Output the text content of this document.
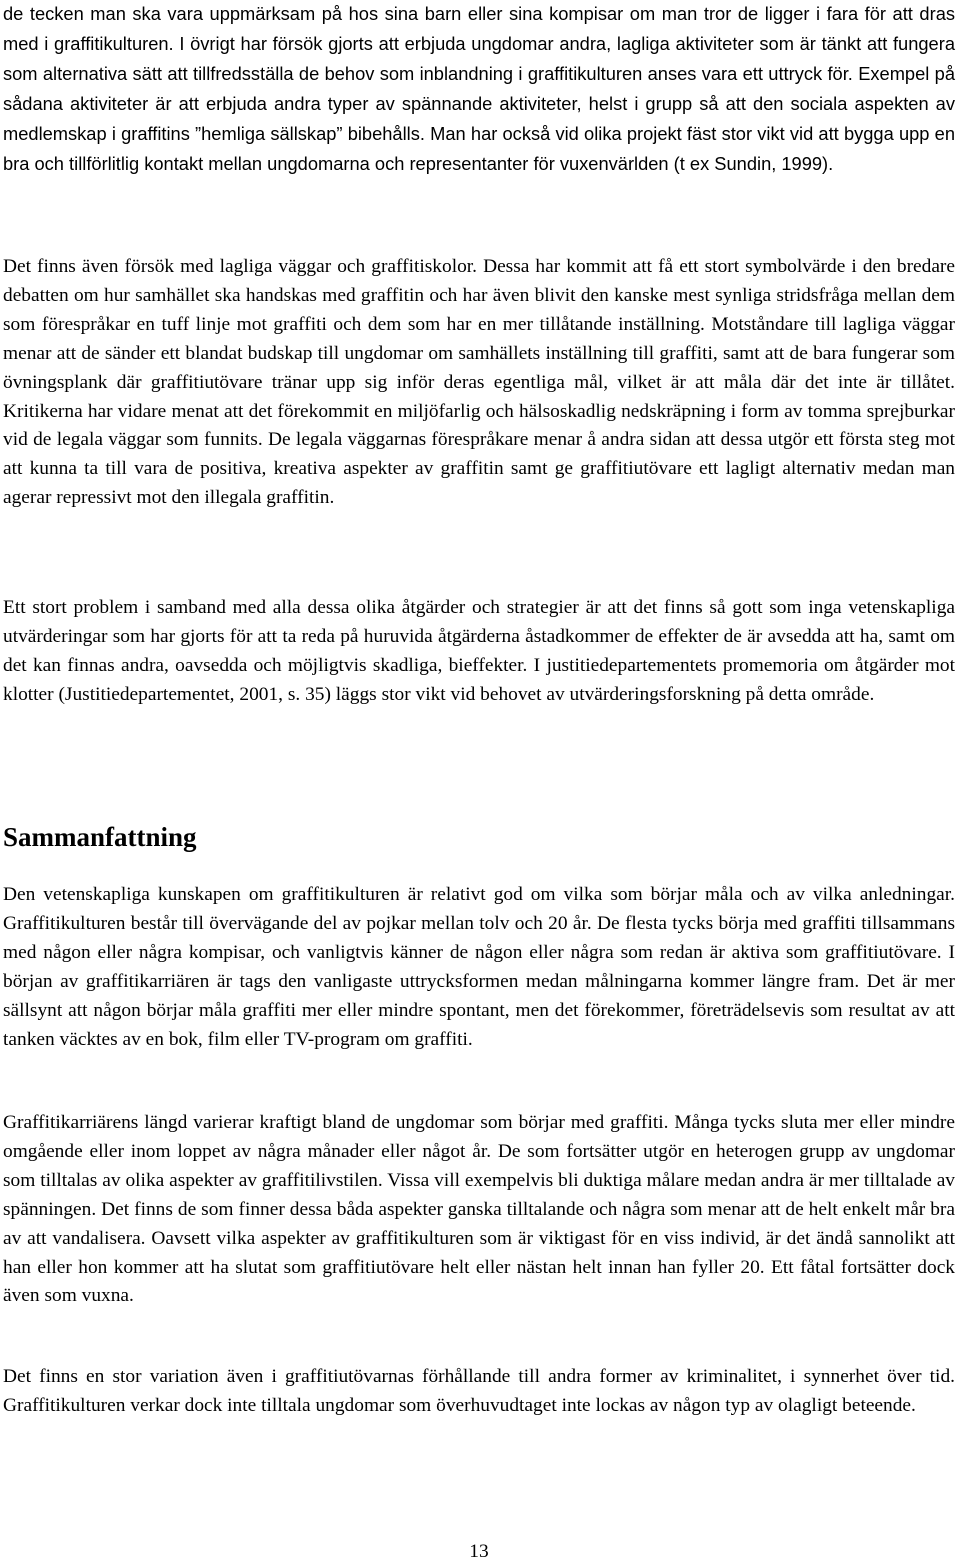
de tecken man ska vara uppmärksam på hos sina barn eller sina kompisar om man tror de ligger i fara för att dras med i graffitikulturen. I övrigt har försök gjorts att erbjuda ungdomar andra, lagliga aktiviteter som är tänkt att fungera som alternativa sätt att tillfredsställa de behov som inblandning i graffitikulturen anses vara ett uttryck för. Exempel på sådana aktiviteter är att erbjuda andra typer av spännande aktiviteter, helst i grupp så att den sociala aspekten av medlemskap i graffitins ”hemliga sällskap” bibehålls. Man har också vid olika projekt fäst stor vikt vid att bygga upp en bra och tillförlitlig kontakt mellan ungdomarna och representanter för vuxenvärlden (t ex Sundin, 1999).

Det finns även försök med lagliga väggar och graffitiskolor. Dessa har kommit att få ett stort symbolvärde i den bredare debatten om hur samhället ska handskas med graffitin och har även blivit den kanske mest synliga stridsfråga mellan dem som förespråkar en tuff linje mot graffiti och dem som har en mer tillåtande inställning. Motståndare till lagliga väggar menar att de sänder ett blandat budskap till ungdomar om samhällets inställning till graffiti, samt att de bara fungerar som övningsplank där graffitiutövare tränar upp sig inför deras egentliga mål, vilket är att måla där det inte är tillåtet. Kritikerna har vidare menat att det förekommit en miljöfarlig och hälsoskadlig nedskräpning i form av tomma sprejburkar vid de legala väggar som funnits. De legala väggarnas förespråkare menar å andra sidan att dessa utgör ett första steg mot att kunna ta till vara de positiva, kreativa aspekter av graffitin samt ge graffitiutövare ett lagligt alternativ medan man agerar repressivt mot den illegala graffitin.

Ett stort problem i samband med alla dessa olika åtgärder och strategier är att det finns så gott som inga vetenskapliga utvärderingar som har gjorts för att ta reda på huruvida åtgärderna åstadkommer de effekter de är avsedda att ha, samt om det kan finnas andra, oavsedda och möjligtvis skadliga, bieffekter. I justitiedepartementets promemoria om åtgärder mot klotter (Justitiedepartementet, 2001, s. 35) läggs stor vikt vid behovet av utvärderingsforskning på detta område.

Sammanfattning

Den vetenskapliga kunskapen om graffitikulturen är relativt god om vilka som börjar måla och av vilka anledningar. Graffitikulturen består till övervägande del av pojkar mellan tolv och 20 år. De flesta tycks börja med graffiti tillsammans med någon eller några kompisar, och vanligtvis känner de någon eller några som redan är aktiva som graffitiutövare. I början av graffitikarriären är tags den vanligaste uttrycksformen medan målningarna kommer längre fram. Det är mer sällsynt att någon börjar måla graffiti mer eller mindre spontant, men det förekommer, företrädelsevis som resultat av att tanken väcktes av en bok, film eller TV-program om graffiti.

Graffitikarriärens längd varierar kraftigt bland de ungdomar som börjar med graffiti. Många tycks sluta mer eller mindre omgående eller inom loppet av några månader eller något år. De som fortsätter utgör en heterogen grupp av ungdomar som tilltalas av olika aspekter av graffitilivstilen. Vissa vill exempelvis bli duktiga målare medan andra är mer tilltalade av spänningen. Det finns de som finner dessa båda aspekter ganska tilltalande och några som menar att de helt enkelt mår bra av att vandalisera. Oavsett vilka aspekter av graffitikulturen som är viktigast för en viss individ, är det ändå sannolikt att han eller hon kommer att ha slutat som graffitiutövare helt eller nästan helt innan han fyller 20. Ett fåtal fortsätter dock även som vuxna.

Det finns en stor variation även i graffitiutövarnas förhållande till andra former av kriminalitet, i synnerhet över tid. Graffitikulturen verkar dock inte tilltala ungdomar som överhuvudtaget inte lockas av någon typ av olagligt beteende.

13
